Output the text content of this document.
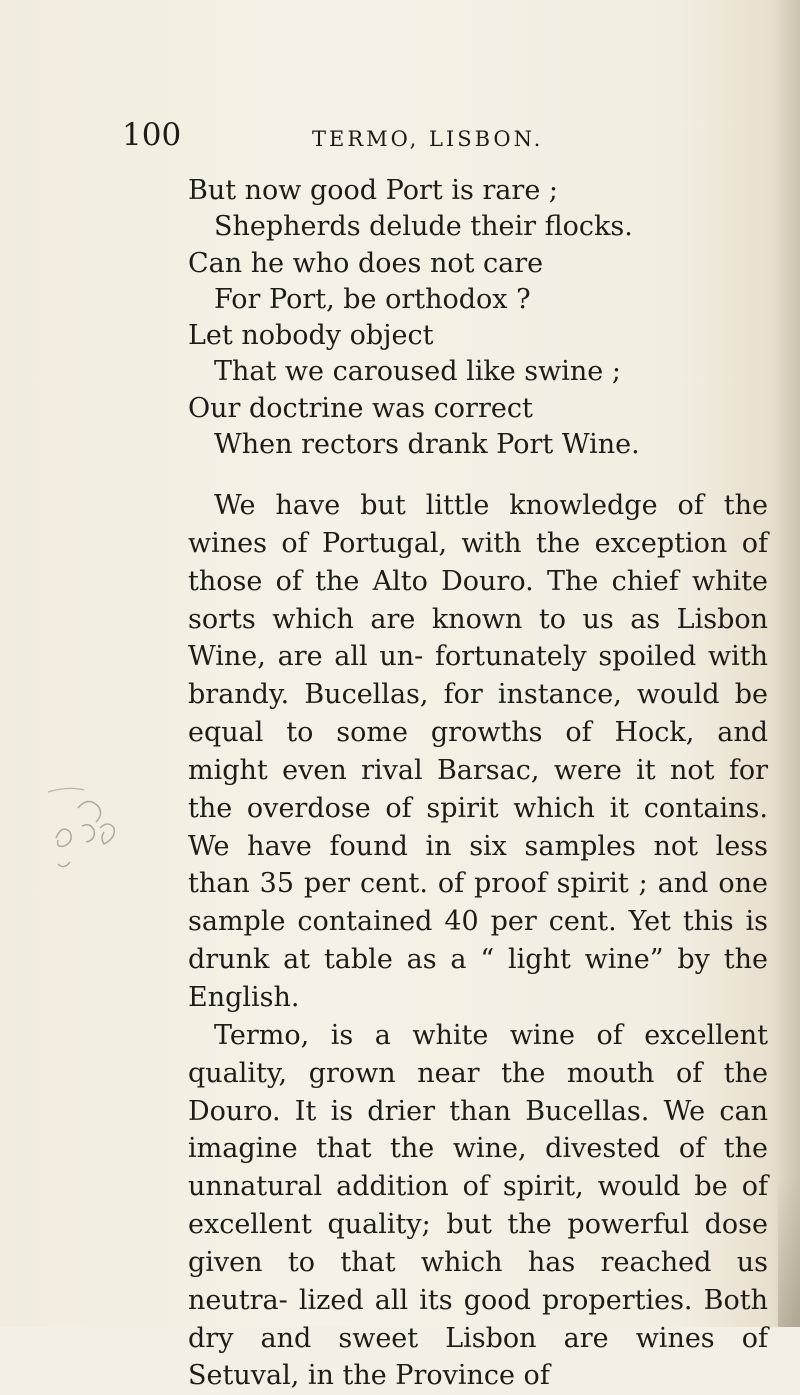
100	TERMO, LISBON.
But now good Port is rare ;
Shepherds delude their flocks.
Can he who does not care
For Port, be orthodox ?
Let nobody object
That we caroused like swine ;
Our doctrine was correct
When rectors drank Port Wine.

We have but little knowledge of the wines of Portugal, with the exception of those of the Alto Douro. The chief white sorts which are known to us as Lisbon Wine, are all un- fortunately spoiled with brandy. Bucellas, for instance, would be equal to some growths of Hock, and might even rival Barsac, were it not for the overdose of spirit which it contains. We have found in six samples not less than 35 per cent. of proof spirit ; and one sample contained 40 per cent. Yet this is drunk at table as a “ light wine” by the English.

Termo, is a white wine of excellent quality, grown near the mouth of the Douro. It is drier than Bucellas. We can imagine that the wine, divested of the unnatural addition of spirit, would be of excellent quality; but the powerful dose given to that which has reached us neutra- lized all its good properties. Both dry and sweet Lisbon are wines of Setuval, in the Province of
